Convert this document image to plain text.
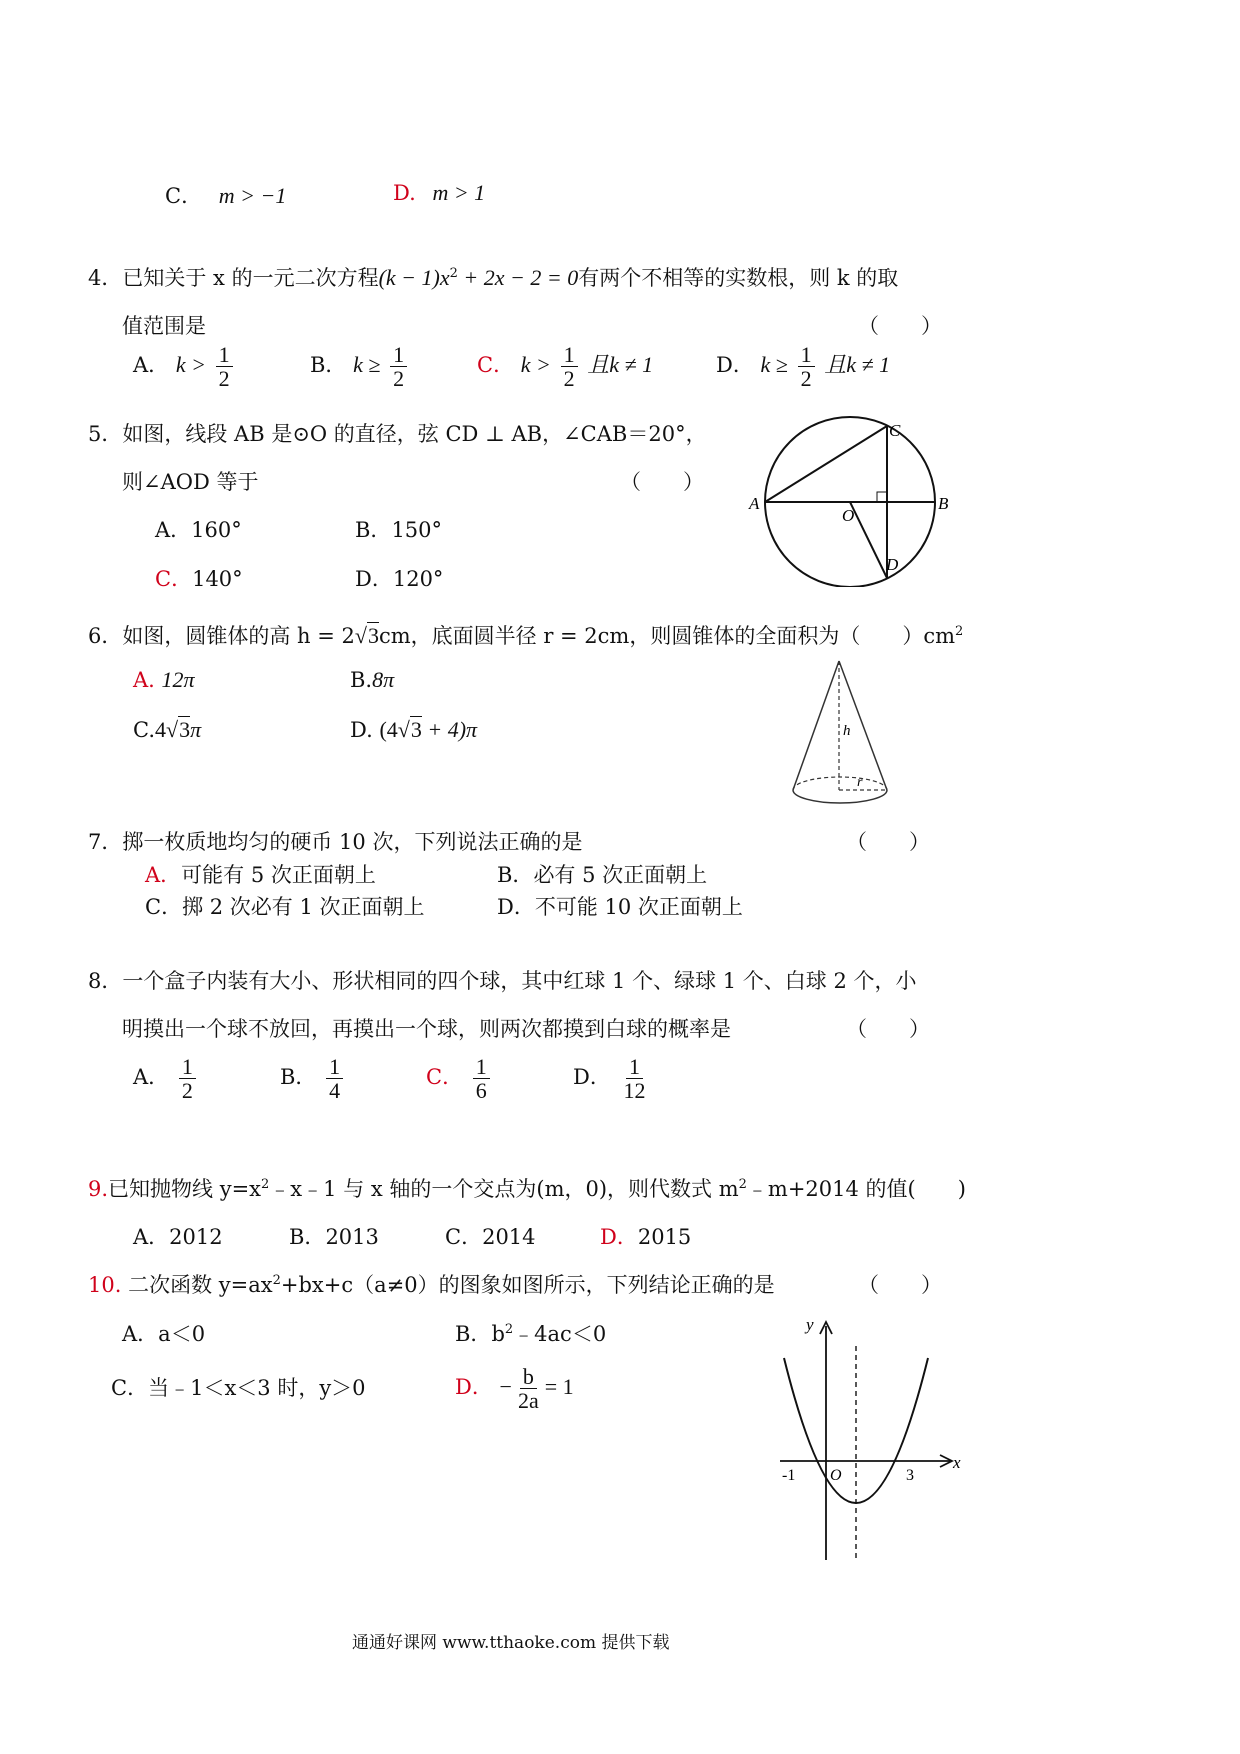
C． m > −1	D. m > 1
4．已知关于 x 的一元二次方程$(k - 1)x^2 + 2x - 2 = 0$有两个不相等的实数根，则 k 的取
值范围是	（　　）
A． $k > \frac{1}{2}$	B． $k \ge \frac{1}{2}$	C． $k > \frac{1}{2}$ 且k ≠ 1	D． $k \ge \frac{1}{2}$ 且k ≠ 1
5．如图，线段 AB 是⊙O 的直径，弦 CD ⊥ AB，∠CAB＝20°，
则∠AOD 等于	（　　）
A．160°	B．150°
C．140°	D．120°
A	B
C
D
O
6．如图，圆锥体的高 h = 2√3cm，底面圆半径 r = 2cm，则圆锥体的全面积为（　　）$cm^2$
A. 12π	B.8π
C.4√3π	D. (4√3 + 4)π	h
r
7．掷一枚质地均匀的硬币 10 次，下列说法正确的是	（　　）
A．可能有 5 次正面朝上	B．必有 5 次正面朝上
C．掷 2 次必有 1 次正面朝上	D．不可能 10 次正面朝上
8．一个盒子内装有大小、形状相同的四个球，其中红球 1 个、绿球 1 个、白球 2 个，小
明摸出一个球不放回，再摸出一个球，则两次都摸到白球的概率是	（　　）
A． $\frac{1}{2}$	B． $\frac{1}{4}$	C． $\frac{1}{6}$	D． $\frac{1}{12}$
9.已知抛物线 $y=x^2﹣x﹣1$ 与 x 轴的一个交点为(m，0)，则代数式 $m^2﹣m+2014$ 的值(　　)
A．2012	B．2013	C．2014	D．2015
10. 二次函数 $y=ax^2+bx+c(a\ne 0)$的图象如图所示，下列结论正确的是	（　　）
A．a＜0	B．$b^2﹣4ac<0$
C．当﹣1＜x＜3 时，y＞0	D． − $\frac{b}{2a} = 1$
y
x
-1 O	3
通通好课网 www.tthaoke.com 提供下载
